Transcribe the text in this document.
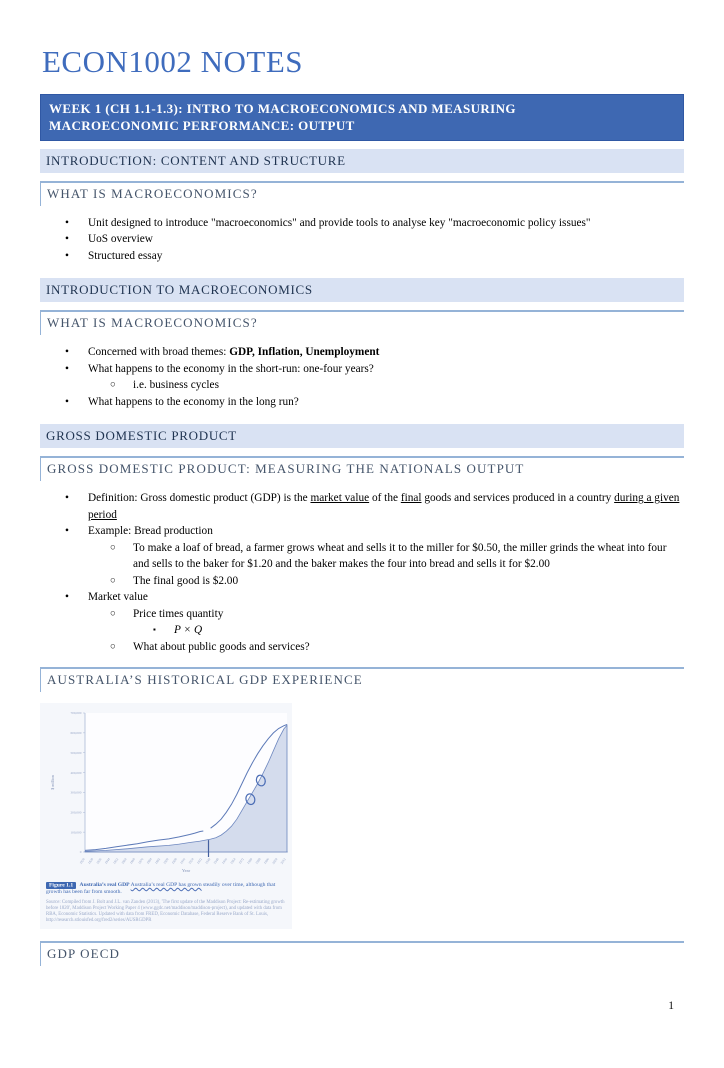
ECON1002 NOTES
WEEK 1 (CH 1.1-1.3): INTRO TO MACROECONOMICS AND MEASURING MACROECONOMIC PERFORMANCE: OUTPUT
INTRODUCTION: CONTENT AND STRUCTURE
WHAT IS MACROECONOMICS?
•	Unit designed to introduce "macroeconomics" and provide tools to analyse key "macroeconomic policy issues"
•	UoS overview
•	Structured essay
INTRODUCTION TO MACROECONOMICS
WHAT IS MACROECONOMICS?
•	Concerned with broad themes: GDP, Inflation, Unemployment
•	What happens to the economy in the short-run: one-four years?
○	i.e. business cycles
•	What happens to the economy in the long run?
GROSS DOMESTIC PRODUCT
GROSS DOMESTIC PRODUCT: MEASURING THE NATIONALS OUTPUT
•	Definition: Gross domestic product (GDP) is the market value of the final goods and services produced in a country during a given period
•	Example: Bread production
○	To make a loaf of bread, a farmer grows wheat and sells it to the miller for $0.50, the miller grinds the wheat into four and sells to the baker for $1.20 and the baker makes the four into bread and sells it for $2.00
○	The final good is $2.00
•	Market value
○	Price times quantity
▪	P × Q
○	What about public goods and services?
AUSTRALIA’S HISTORICAL GDP EXPERIENCE
0
100,000
200,000
300,000
400,000
500,000
600,000
700,000
1820 1828 1836 1844 1852 1860 1868 1876 1884 1892 1900 1908 1916 1924 1932 1940 1948 1956 1964 1972 1980 1988 1996 2004 2012
$ million
Year
Figure 1.1 Australia’s real GDP Australia’s real GDP has grown steadily over time, although that growth has been far from smooth.
Source: Compiled from J. Bolt and J.L. van Zanden (2013), 'The first update of the Maddison Project: Re-estimating growth before 1820', Maddison Project Working Paper 4 (www.ggdc.net/maddison/maddison-project), and updated with data from RBA, Economic Statistics. Updated with data from FRED, Economic Database, Federal Reserve Bank of St. Louis, http://research.stlouisfed.org/fred2/series/AUSRGDPR
GDP OECD
1
